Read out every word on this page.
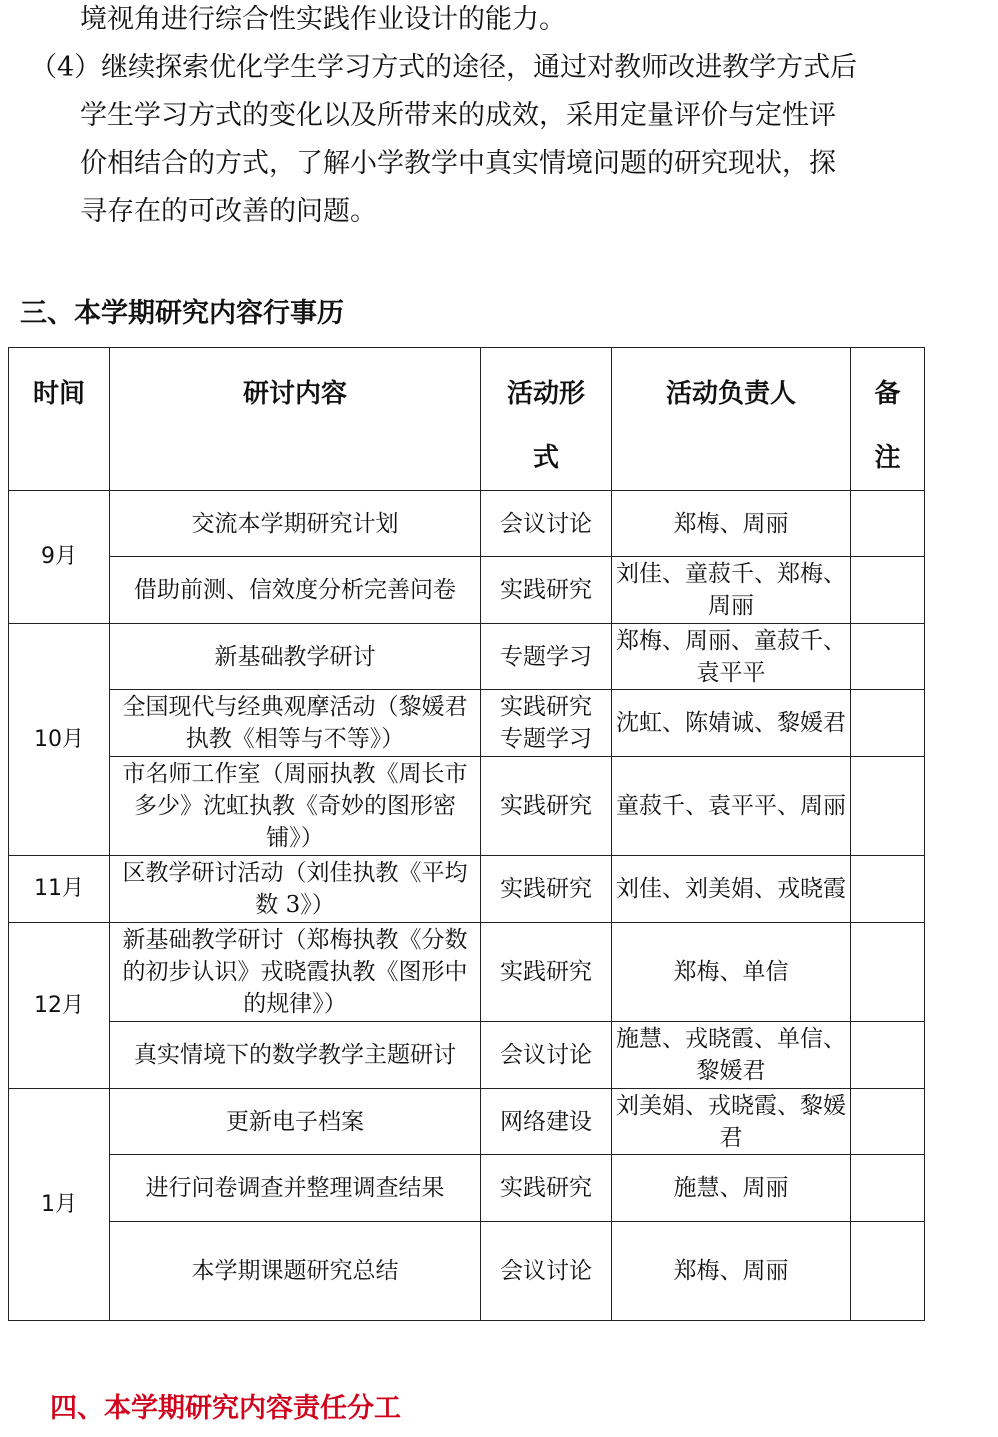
境视角进行综合性实践作业设计的能力。
（4）继续探索优化学生学习方式的途径，通过对教师改进教学方式后
学生学习方式的变化以及所带来的成效，采用定量评价与定性评
价相结合的方式，了解小学教学中真实情境问题的研究现状，探
寻存在的可改善的问题。
三、本学期研究内容行事历
时间	研讨内容	活动形式	活动负责人	备注
9月	交流本学期研究计划	会议讨论	郑梅、周丽	
	借助前测、信效度分析完善问卷	实践研究	刘佳、童菽千、郑梅、周丽	
10月	新基础教学研讨	专题学习	郑梅、周丽、童菽千、袁平平	
	全国现代与经典观摩活动（黎媛君执教《相等与不等》）	实践研究专题学习	沈虹、陈婧诚、黎媛君	
	市名师工作室（周丽执教《周长市多少》沈虹执教《奇妙的图形密铺》）	实践研究	童菽千、袁平平、周丽	
11月	区教学研讨活动（刘佳执教《平均数 3》）	实践研究	刘佳、刘美娟、戎晓霞	
12月	新基础教学研讨（郑梅执教《分数的初步认识》戎晓霞执教《图形中的规律》）	实践研究	郑梅、单信	
	真实情境下的数学教学主题研讨	会议讨论	施慧、戎晓霞、单信、黎媛君	
1月	更新电子档案	网络建设	刘美娟、戎晓霞、黎媛君	
	进行问卷调查并整理调查结果	实践研究	施慧、周丽	
	本学期课题研究总结	会议讨论	郑梅、周丽	
四、本学期研究内容责任分工
